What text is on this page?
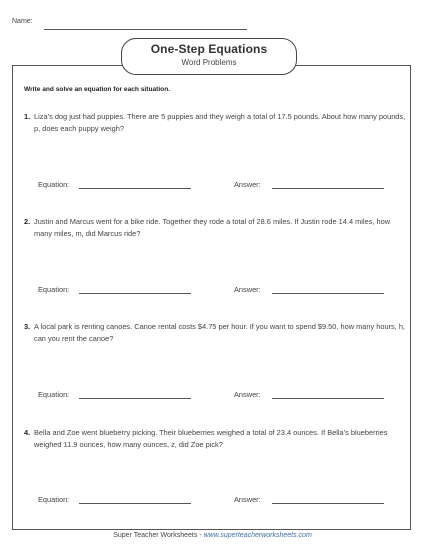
Name:
One-Step Equations
Word Problems
Write and solve an equation for each situation.
1. Liza’s dog just had puppies. There are 5 puppies and they weigh a total of 17.5 pounds. About how many pounds, p, does each puppy weigh?
Equation:	Answer:
2. Justin and Marcus went for a bike ride. Together they rode a total of 28.6 miles. If Justin rode 14.4 miles, how many miles, m, did Marcus ride?
Equation:	Answer:
3. A local park is renting canoes. Canoe rental costs $4.75 per hour. If you want to spend $9.50, how many hours, h, can you rent the canoe?
Equation:	Answer:
4. Bella and Zoe went blueberry picking. Their blueberries weighed a total of 23.4 ounces. If Bella’s blueberries weighed 11.9 ounces, how many ounces, z, did Zoe pick?
Equation:	Answer:
Super Teacher Worksheets - www.superteacherworksheets.com
